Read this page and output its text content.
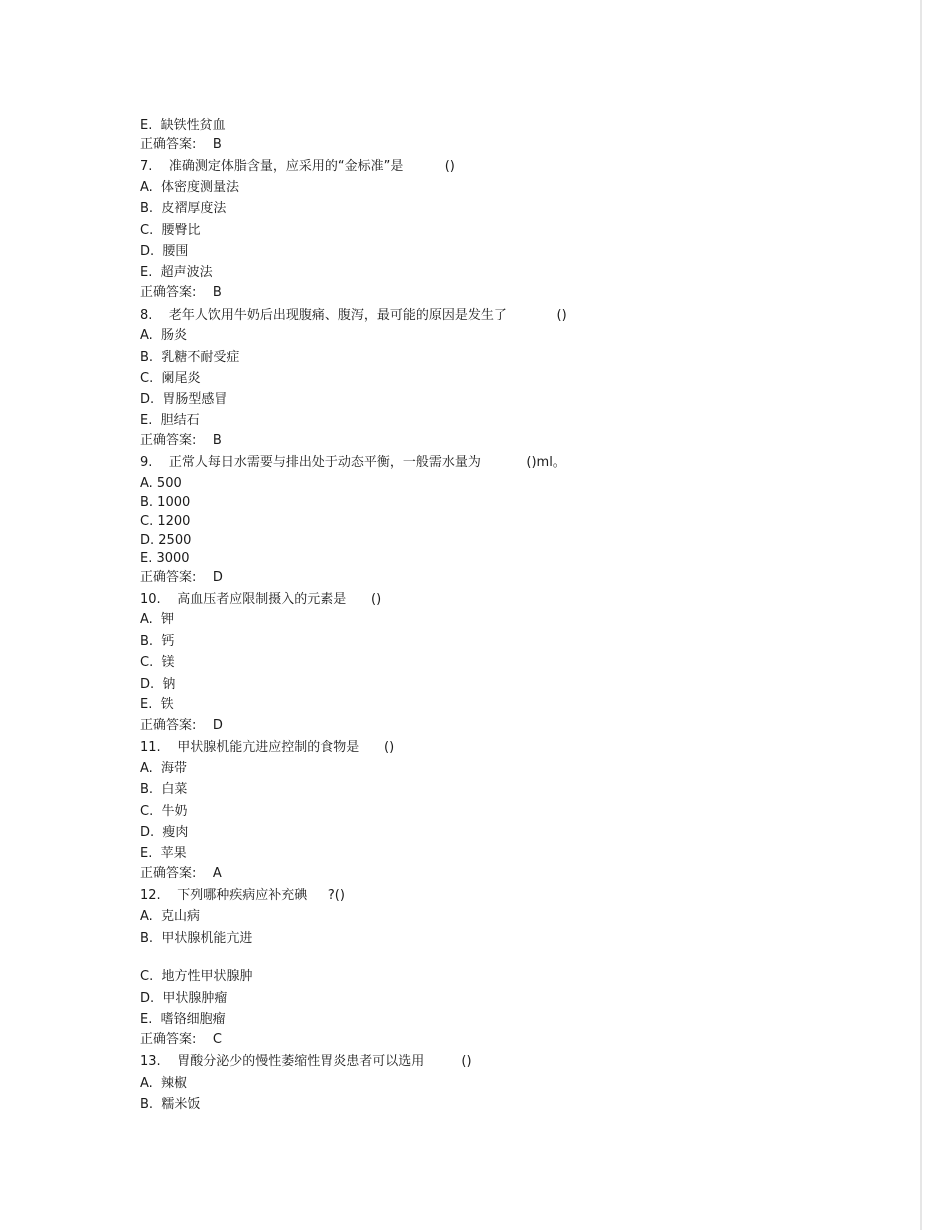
E.  缺铁性贫血
正确答案:    B
7.    准确测定体脂含量，应采用的“金标准”是          ()
A.  体密度测量法
B.  皮褶厚度法
C.  腰臀比
D.  腰围
E.  超声波法
正确答案:    B
8.    老年人饮用牛奶后出现腹痛、腹泻，最可能的原因是发生了            ()
A.  肠炎
B.  乳糖不耐受症
C.  阑尾炎
D.  胃肠型感冒
E.  胆结石
正确答案:    B
9.    正常人每日水需要与排出处于动态平衡，一般需水量为           ()ml。
A. 500
B. 1000
C. 1200
D. 2500
E. 3000
正确答案:    D
10.    高血压者应限制摄入的元素是      ()
A.  钾
B.  钙
C.  镁
D.  钠
E.  铁
正确答案:    D
11.    甲状腺机能亢进应控制的食物是      ()
A.  海带
B.  白菜
C.  牛奶
D.  瘦肉
E.  苹果
正确答案:    A
12.    下列哪种疾病应补充碘     ?()
A.  克山病
B.  甲状腺机能亢进
C.  地方性甲状腺肿
D.  甲状腺肿瘤
E.  嗜铬细胞瘤
正确答案:    C
13.    胃酸分泌少的慢性萎缩性胃炎患者可以选用         ()
A.  辣椒
B.  糯米饭
